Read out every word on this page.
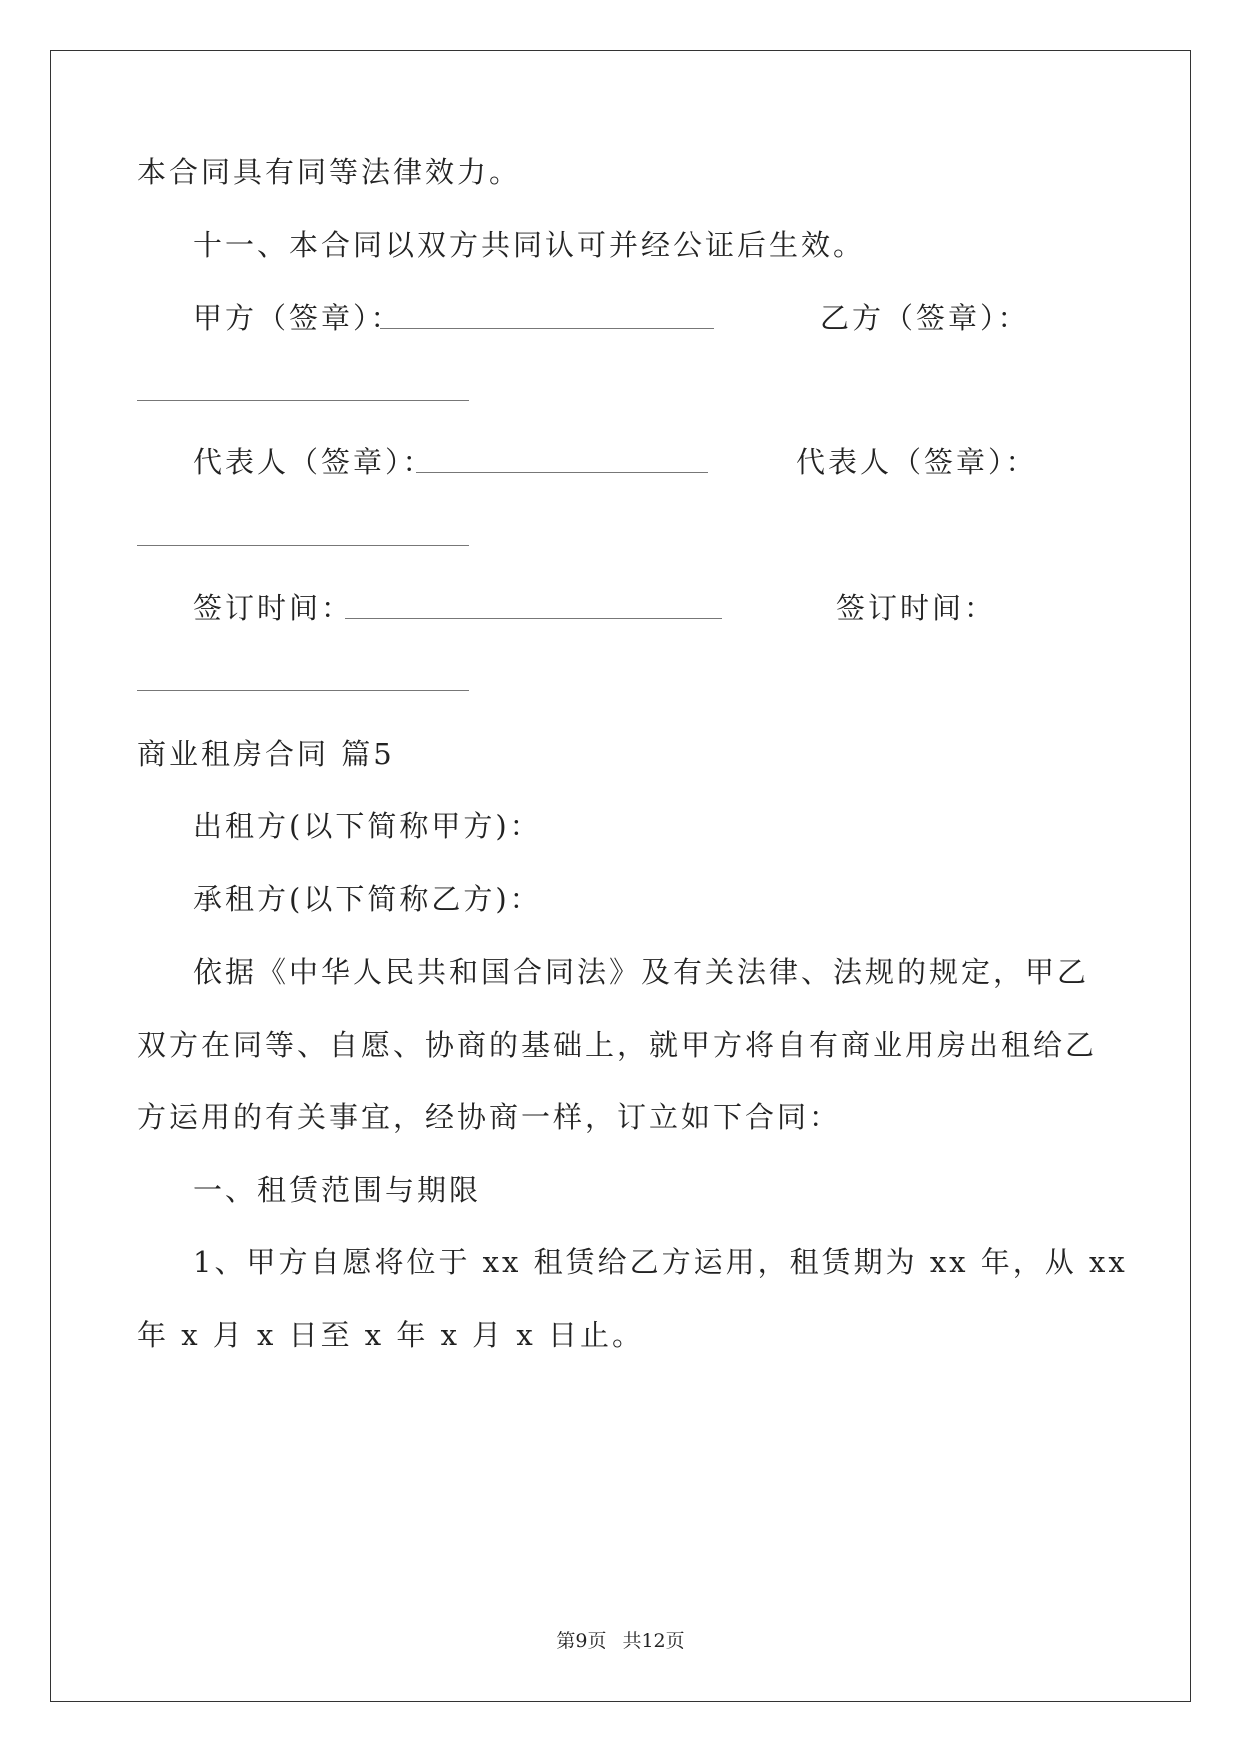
本合同具有同等法律效力。
十一、本合同以双方共同认可并经公证后生效。
甲方（签章）：	乙方（签章）：
代表人（签章）：	代表人（签章）：
签订时间：	签订时间：
商业租房合同 篇5
出租方(以下简称甲方)：
承租方(以下简称乙方)：
依据《中华人民共和国合同法》及有关法律、法规的规定，甲乙
双方在同等、自愿、协商的基础上，就甲方将自有商业用房出租给乙
方运用的有关事宜，经协商一样，订立如下合同：
一、租赁范围与期限
1、甲方自愿将位于 xx 租赁给乙方运用，租赁期为 xx 年，从 xx
年 x 月 x 日至 x 年 x 月 x 日止。
第9页 共12页
